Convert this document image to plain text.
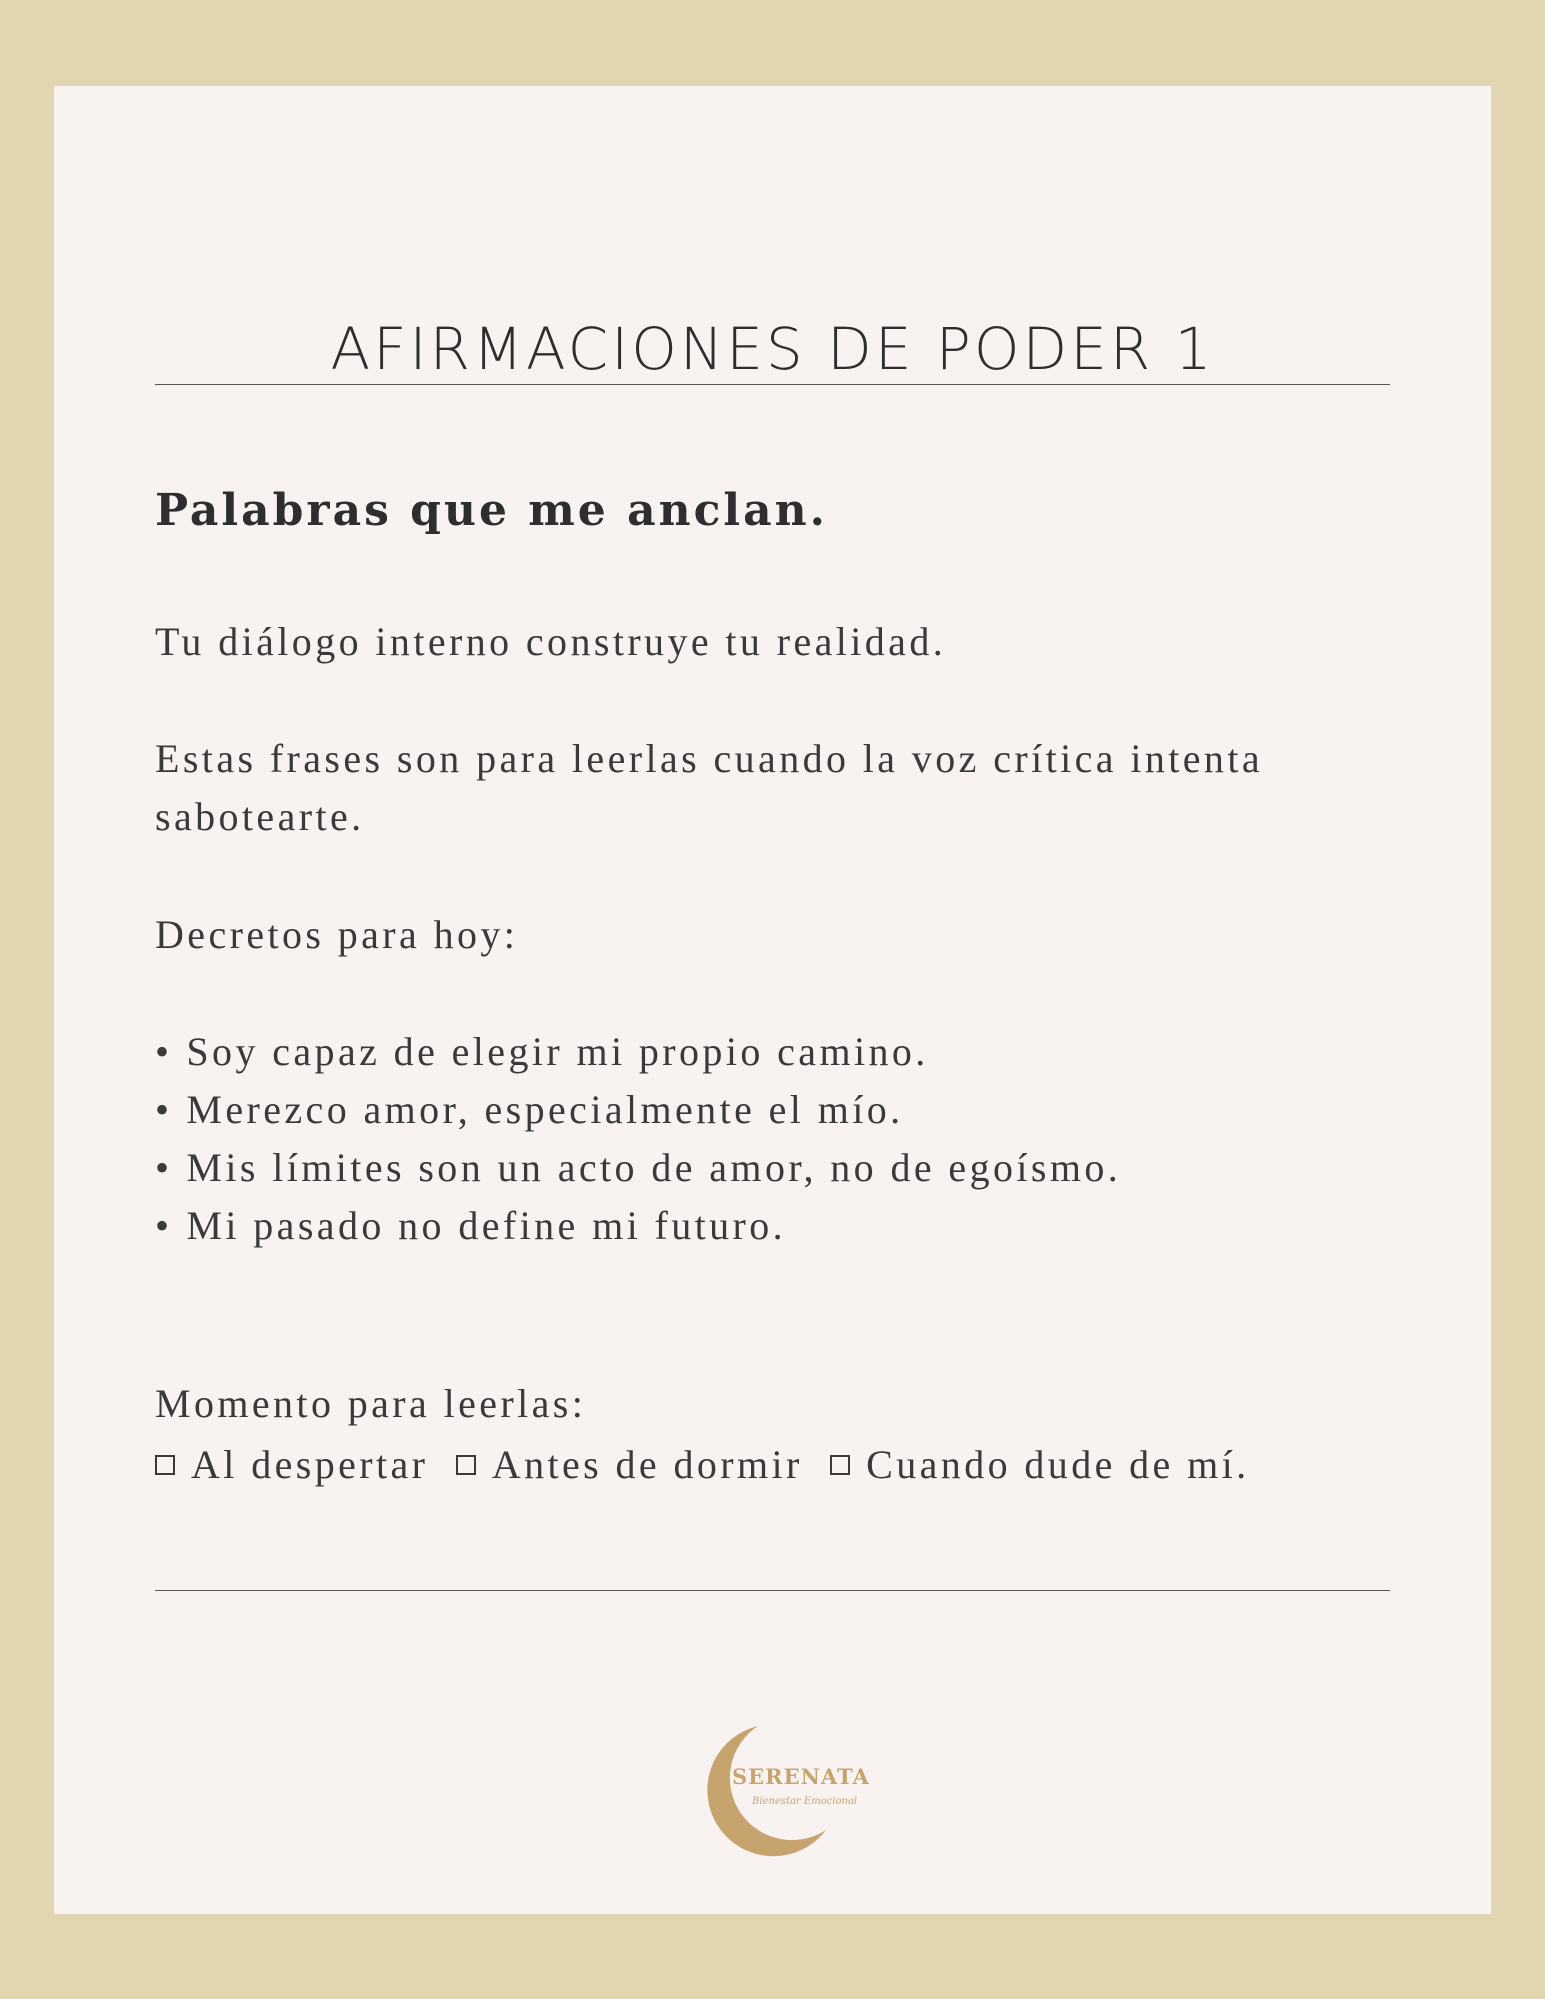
AFIRMACIONES DE PODER 1
Palabras que me anclan.

Tu diálogo interno construye tu realidad.

Estas frases son para leerlas cuando la voz crítica intenta

sabotearte.

Decretos para hoy:

• Soy capaz de elegir mi propio camino.
• Merezco amor, especialmente el mío.
• Mis límites son un acto de amor, no de egoísmo.
• Mi pasado no define mi futuro.

Momento para leerlas:

Al despertar
Antes de dormir
Cuando dude de mí.

SERENATA

Bienestar Emocional
